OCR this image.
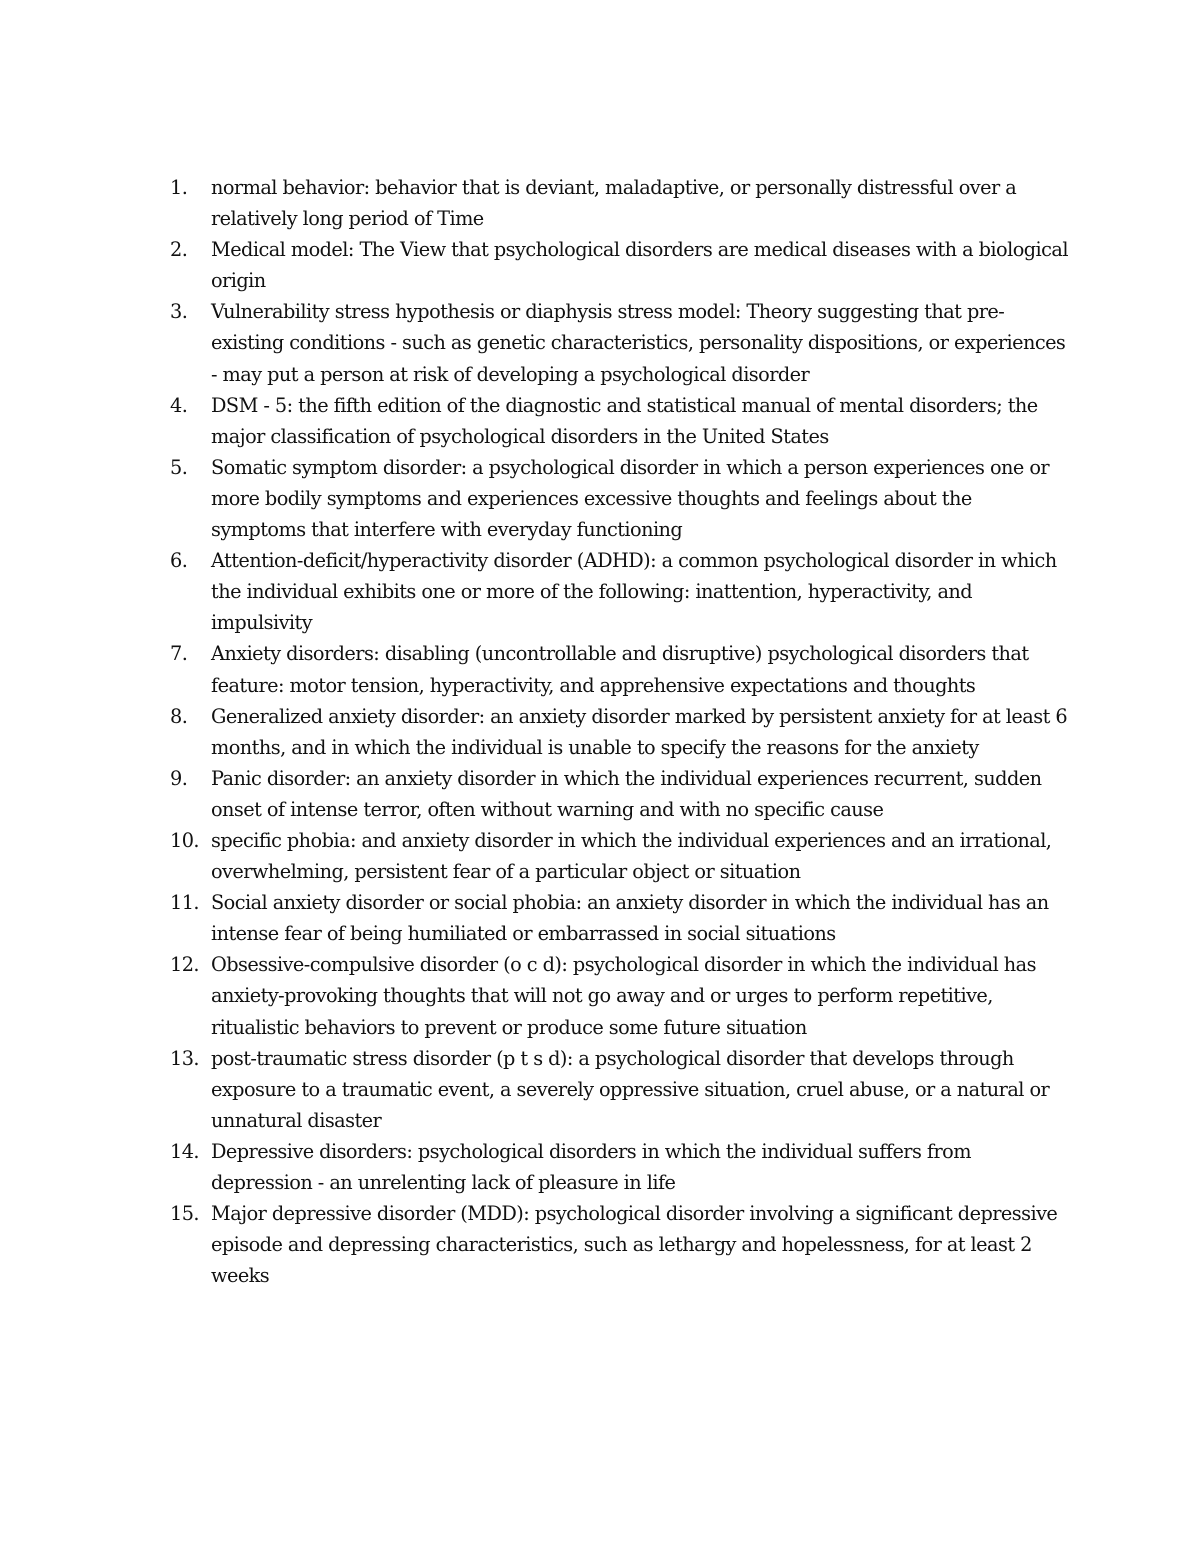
1.	normal behavior: behavior that is deviant, maladaptive, or personally distressful over a relatively long period of Time
2.	Medical model: The View that psychological disorders are medical diseases with a biological origin
3.	Vulnerability stress hypothesis or diaphysis stress model: Theory suggesting that pre-existing conditions - such as genetic characteristics, personality dispositions, or experiences - may put a person at risk of developing a psychological disorder
4.	DSM - 5: the fifth edition of the diagnostic and statistical manual of mental disorders; the major classification of psychological disorders in the United States
5.	Somatic symptom disorder: a psychological disorder in which a person experiences one or more bodily symptoms and experiences excessive thoughts and feelings about the symptoms that interfere with everyday functioning
6.	Attention-deficit/hyperactivity disorder (ADHD): a common psychological disorder in which the individual exhibits one or more of the following: inattention, hyperactivity, and impulsivity
7.	Anxiety disorders: disabling (uncontrollable and disruptive) psychological disorders that feature: motor tension, hyperactivity, and apprehensive expectations and thoughts
8.	Generalized anxiety disorder: an anxiety disorder marked by persistent anxiety for at least 6 months, and in which the individual is unable to specify the reasons for the anxiety
9.	Panic disorder: an anxiety disorder in which the individual experiences recurrent, sudden onset of intense terror, often without warning and with no specific cause
10. specific phobia: and anxiety disorder in which the individual experiences and an irrational, overwhelming, persistent fear of a particular object or situation
11. Social anxiety disorder or social phobia: an anxiety disorder in which the individual has an intense fear of being humiliated or embarrassed in social situations
12. Obsessive-compulsive disorder (o c d): psychological disorder in which the individual has anxiety-provoking thoughts that will not go away and or urges to perform repetitive, ritualistic behaviors to prevent or produce some future situation
13. post-traumatic stress disorder (p t s d): a psychological disorder that develops through exposure to a traumatic event, a severely oppressive situation, cruel abuse, or a natural or unnatural disaster
14. Depressive disorders: psychological disorders in which the individual suffers from depression - an unrelenting lack of pleasure in life
15. Major depressive disorder (MDD): psychological disorder involving a significant depressive episode and depressing characteristics, such as lethargy and hopelessness, for at least 2 weeks
